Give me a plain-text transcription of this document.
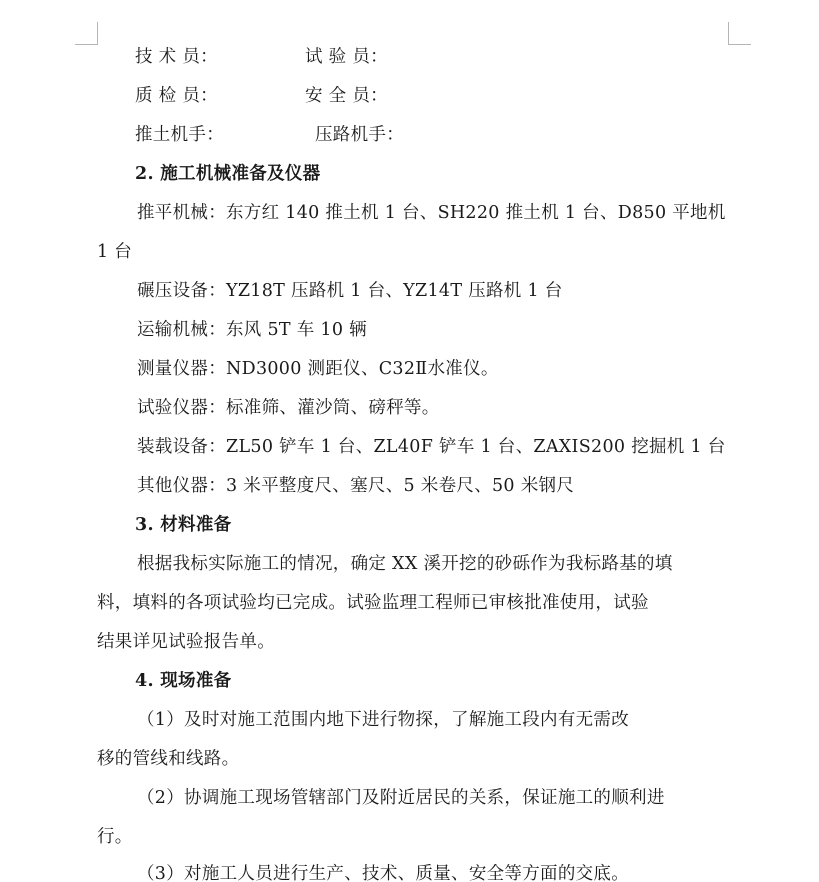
技 术 员：	试 验 员：
质 检 员：	安 全 员：
推土机手：	压路机手：
2. 施工机械准备及仪器
推平机械：东方红 140 推土机 1 台、SH220 推土机 1 台、D850 平地机
1 台
碾压设备：YZ18T 压路机 1 台、YZ14T 压路机 1 台
运输机械：东风 5T 车 10 辆
测量仪器：ND3000 测距仪、C32Ⅱ水准仪。
试验仪器：标准筛、灌沙筒、磅秤等。
装载设备：ZL50 铲车 1 台、ZL40F 铲车 1 台、ZAXIS200 挖掘机 1 台
其他仪器：3 米平整度尺、塞尺、5 米卷尺、50 米钢尺
3. 材料准备
根据我标实际施工的情况，确定 XX 溪开挖的砂砾作为我标路基的填
料，填料的各项试验均已完成。试验监理工程师已审核批准使用，试验
结果详见试验报告单。
4. 现场准备
（1）及时对施工范围内地下进行物探，了解施工段内有无需改
移的管线和线路。
（2）协调施工现场管辖部门及附近居民的关系，保证施工的顺利进
行。
（3）对施工人员进行生产、技术、质量、安全等方面的交底。
